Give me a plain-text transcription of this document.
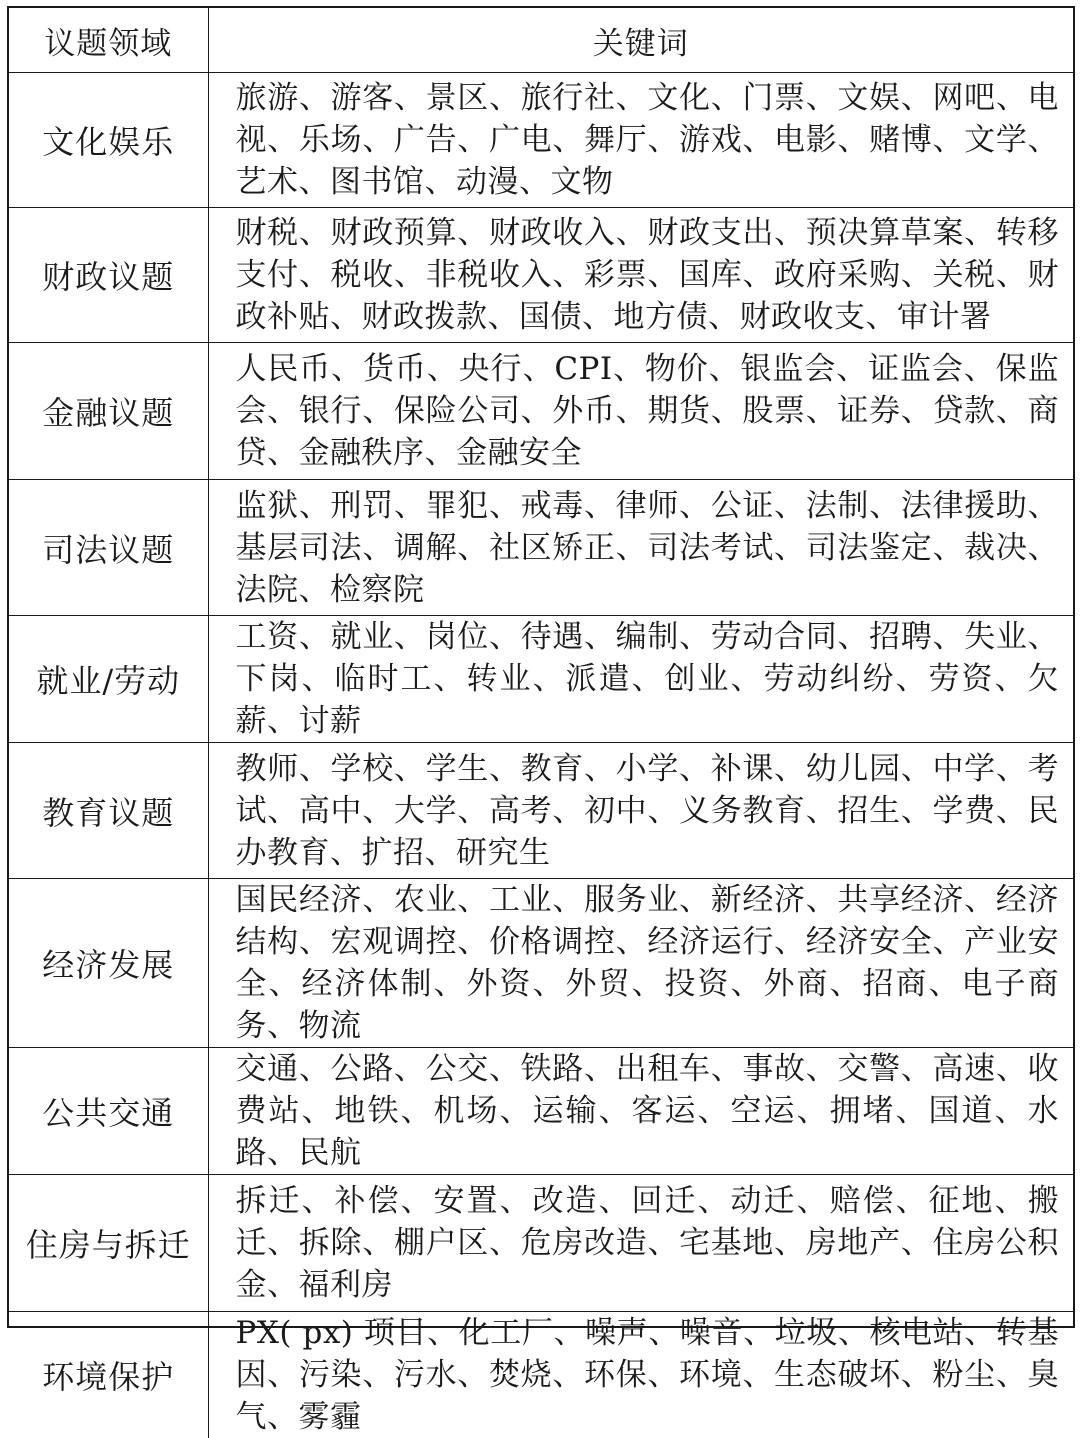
议题领域	关键词
文化娱乐	旅游、游客、景区、旅行社、文化、门票、文娱、网吧、电视、乐场、广告、广电、舞厅、游戏、电影、赌博、文学、艺术、图书馆、动漫、文物
财政议题	财税、财政预算、财政收入、财政支出、预决算草案、转移支付、税收、非税收入、彩票、国库、政府采购、关税、财政补贴、财政拨款、国债、地方债、财政收支、审计署
金融议题	人民币、货币、央行、CPI、物价、银监会、证监会、保监会、银行、保险公司、外币、期货、股票、证券、贷款、商贷、金融秩序、金融安全
司法议题	监狱、刑罚、罪犯、戒毒、律师、公证、法制、法律援助、基层司法、调解、社区矫正、司法考试、司法鉴定、裁决、法院、检察院
就业/劳动	工资、就业、岗位、待遇、编制、劳动合同、招聘、失业、下岗、临时工、转业、派遣、创业、劳动纠纷、劳资、欠薪、讨薪
教育议题	教师、学校、学生、教育、小学、补课、幼儿园、中学、考试、高中、大学、高考、初中、义务教育、招生、学费、民办教育、扩招、研究生
经济发展	国民经济、农业、工业、服务业、新经济、共享经济、经济结构、宏观调控、价格调控、经济运行、经济安全、产业安全、经济体制、外资、外贸、投资、外商、招商、电子商务、物流
公共交通	交通、公路、公交、铁路、出租车、事故、交警、高速、收费站、地铁、机场、运输、客运、空运、拥堵、国道、水路、民航
住房与拆迁	拆迁、补偿、安置、改造、回迁、动迁、赔偿、征地、搬迁、拆除、棚户区、危房改造、宅基地、房地产、住房公积金、福利房
环境保护	PX( px) 项目、化工厂、噪声、噪音、垃圾、核电站、转基因、污染、污水、焚烧、环保、环境、生态破坏、粉尘、臭气、雾霾
